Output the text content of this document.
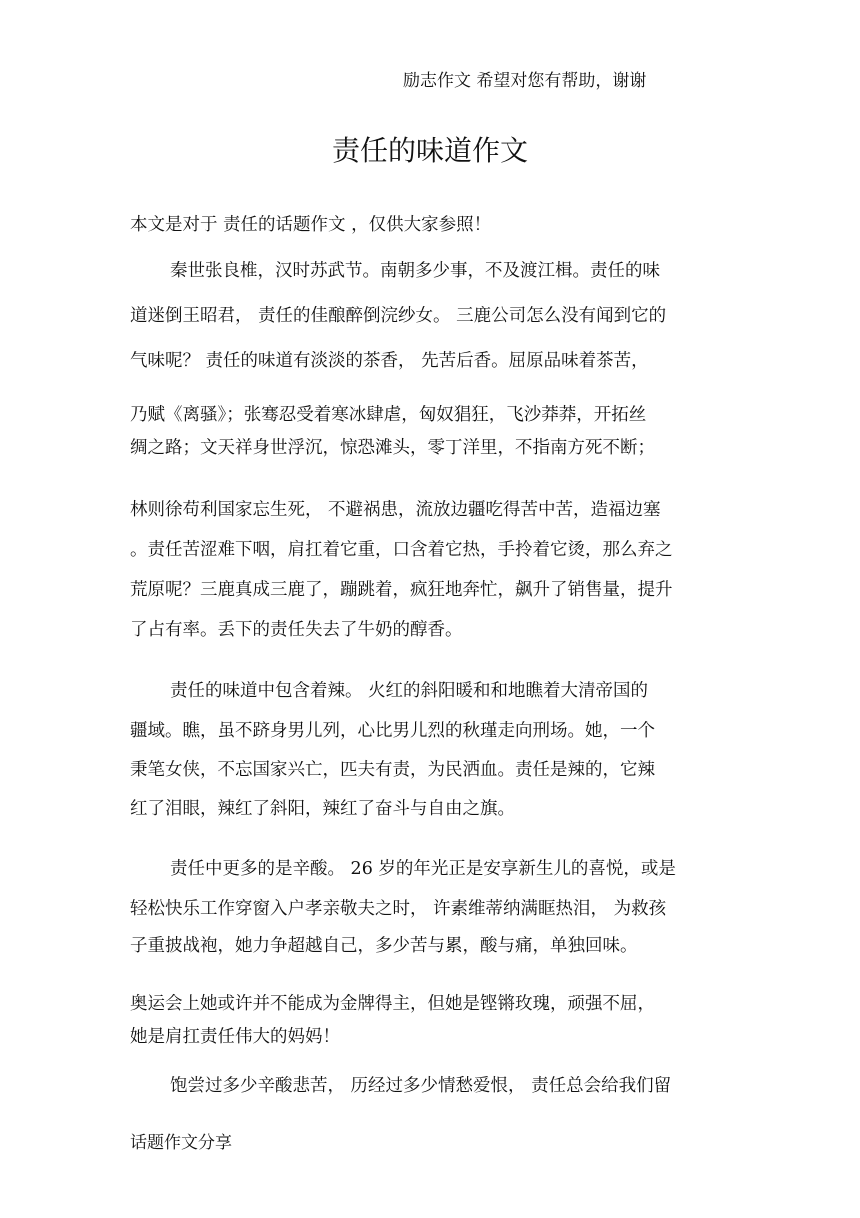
励志作文 希望对您有帮助，谢谢
责任的味道作文
本文是对于 责任的话题作文 ，仅供大家参照！
秦世张良椎，汉时苏武节。南朝多少事，不及渡江楫。责任的味
道迷倒王昭君， 责任的佳酿醉倒浣纱女。 三鹿公司怎么没有闻到它的
气味呢？ 责任的味道有淡淡的茶香， 先苦后香。屈原品味着茶苦，
乃赋《离骚》；张骞忍受着寒冰肆虐，匈奴猖狂，飞沙莽莽，开拓丝
绸之路；文天祥身世浮沉，惊恐滩头，零丁洋里，不指南方死不断；
林则徐苟利国家忘生死， 不避祸患，流放边疆吃得苦中苦，造福边塞
。责任苦涩难下咽，肩扛着它重，口含着它热，手拎着它烫，那么弃之
荒原呢？三鹿真成三鹿了，蹦跳着，疯狂地奔忙，飙升了销售量，提升
了占有率。丢下的责任失去了牛奶的醇香。
责任的味道中包含着辣。 火红的斜阳暖和和地瞧着大清帝国的
疆域。瞧，虽不跻身男儿列，心比男儿烈的秋瑾走向刑场。她，一个
秉笔女侠，不忘国家兴亡，匹夫有责，为民洒血。责任是辣的，它辣
红了泪眼，辣红了斜阳，辣红了奋斗与自由之旗。
责任中更多的是辛酸。 26 岁的年光正是安享新生儿的喜悦，或是
轻松快乐工作穿窗入户孝亲敬夫之时， 许素维蒂纳满眶热泪， 为救孩
子重披战袍，她力争超越自己，多少苦与累，酸与痛，单独回味。
奥运会上她或许并不能成为金牌得主，但她是铿锵玫瑰，顽强不屈，
她是肩扛责任伟大的妈妈！
饱尝过多少辛酸悲苦， 历经过多少情愁爱恨， 责任总会给我们留
话题作文分享
